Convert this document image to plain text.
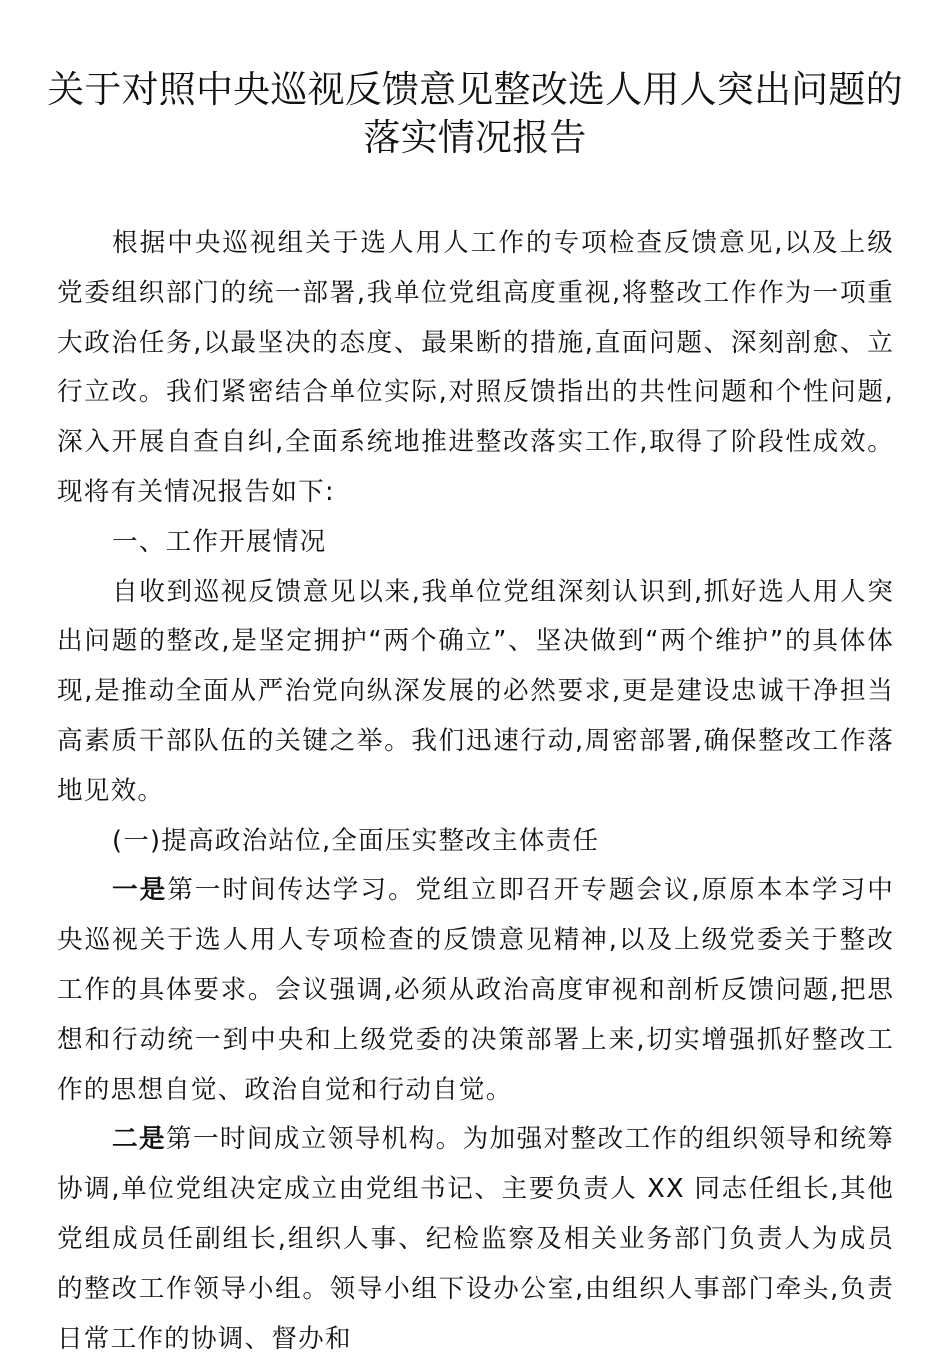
关于对照中央巡视反馈意见整改选人用人突出问题的
落实情况报告

根据中央巡视组关于选人用人工作的专项检查反馈意见,以及上级党委组织部门的统一部署,我单位党组高度重视,将整改工作作为一项重大政治任务,以最坚决的态度、最果断的措施,直面问题、深刻剖愈、立行立改。我们紧密结合单位实际,对照反馈指出的共性问题和个性问题,深入开展自查自纠,全面系统地推进整改落实工作,取得了阶段性成效。现将有关情况报告如下:

一、工作开展情况

自收到巡视反馈意见以来,我单位党组深刻认识到,抓好选人用人突出问题的整改,是坚定拥护“两个确立”、坚决做到“两个维护”的具体体现,是推动全面从严治党向纵深发展的必然要求,更是建设忠诚干净担当高素质干部队伍的关键之举。我们迅速行动,周密部署,确保整改工作落地见效。

(一)提高政治站位,全面压实整改主体责任

一是第一时间传达学习。党组立即召开专题会议,原原本本学习中央巡视关于选人用人专项检查的反馈意见精神,以及上级党委关于整改工作的具体要求。会议强调,必须从政治高度审视和剖析反馈问题,把思想和行动统一到中央和上级党委的决策部署上来,切实增强抓好整改工作的思想自觉、政治自觉和行动自觉。

二是第一时间成立领导机构。为加强对整改工作的组织领导和统筹协调,单位党组决定成立由党组书记、主要负责人 XX 同志任组长,其他党组成员任副组长,组织人事、纪检监察及相关业务部门负责人为成员的整改工作领导小组。领导小组下设办公室,由组织人事部门牵头,负责日常工作的协调、督办和
